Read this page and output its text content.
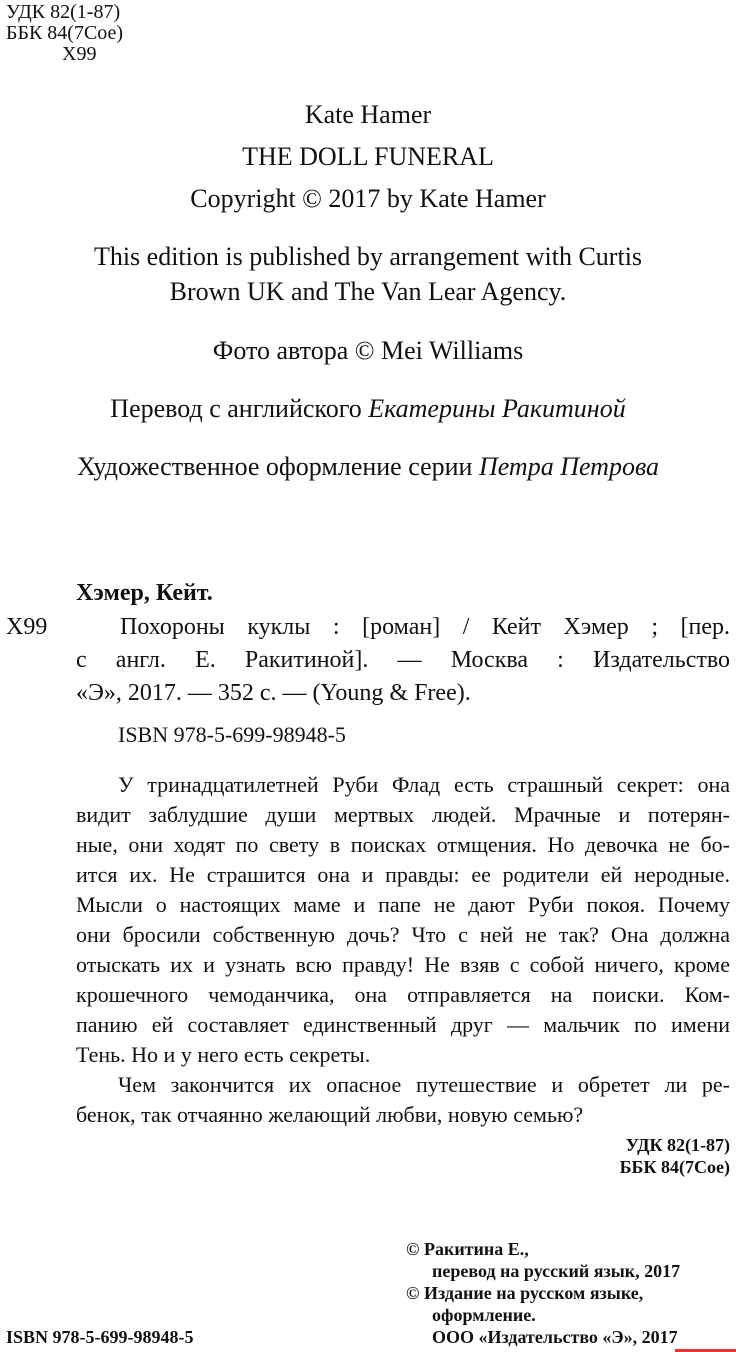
УДК 82(1-87)
ББК 84(7Сое)
Х99
Kate Hamer
THE DOLL FUNERAL
Copyright © 2017 by Kate Hamer
This edition is published by arrangement with Curtis
Brown UK and The Van Lear Agency.
Фото автора © Mei Williams
Перевод с английского Екатерины Ракитиной
Художественное оформление серии Петра Петрова
Хэмер, Кейт.
Х99	Похороны куклы : [роман] / Кейт Хэмер ; [пер.
с англ. Е. Ракитиной]. — Москва : Издательство
«Э», 2017. — 352 с. — (Young & Free).
ISBN 978-5-699-98948-5
У тринадцатилетней Руби Флад есть страшный секрет: она
видит заблудшие души мертвых людей. Мрачные и потерян-
ные, они ходят по свету в поисках отмщения. Но девочка не бо-
ится их. Не страшится она и правды: ее родители ей неродные.
Мысли о настоящих маме и папе не дают Руби покоя. Почему
они бросили собственную дочь? Что с ней не так? Она должна
отыскать их и узнать всю правду! Не взяв с собой ничего, кроме
крошечного чемоданчика, она отправляется на поиски. Ком-
панию ей составляет единственный друг — мальчик по имени
Тень. Но и у него есть секреты.
Чем закончится их опасное путешествие и обретет ли ре-
бенок, так отчаянно желающий любви, новую семью?
УДК 82(1-87)
ББК 84(7Сое)
© Ракитина Е.,
перевод на русский язык, 2017
© Издание на русском языке,
оформление.
ООО «Издательство «Э», 2017
ISBN 978-5-699-98948-5
